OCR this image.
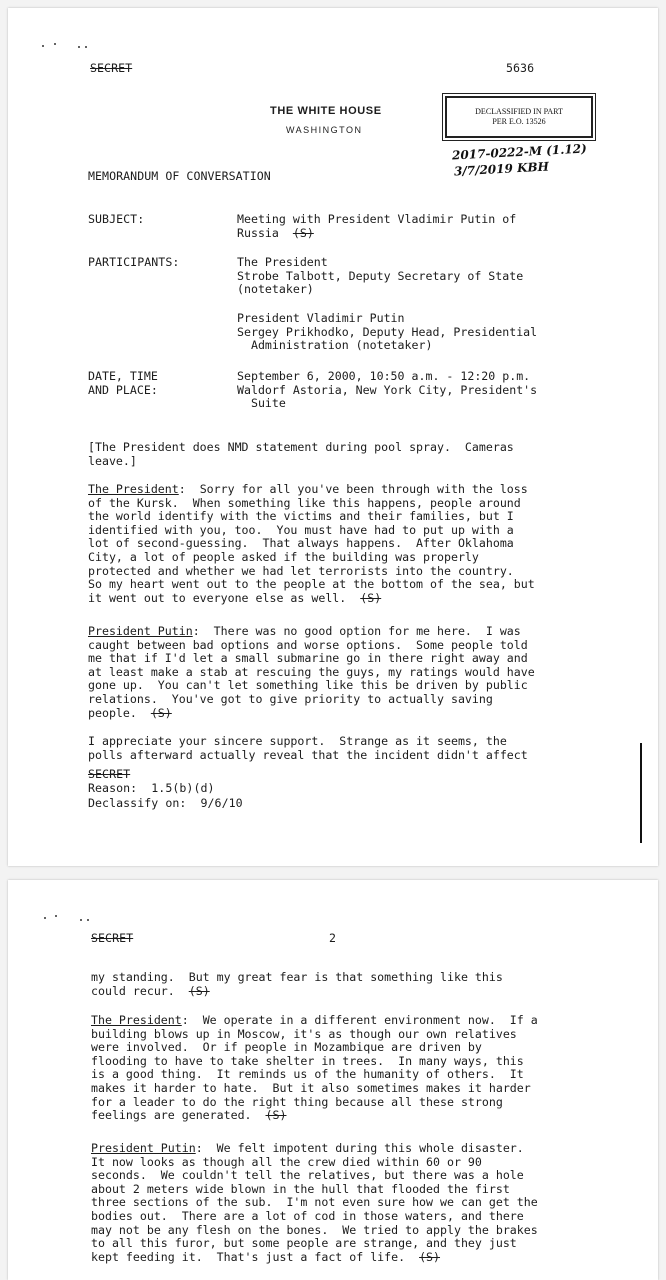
SECRET	5636
THE WHITE HOUSE
WASHINGTON
DECLASSIFIED IN PART
PER E.O. 13526
2017-0222-M (1.12)
3/7/2019 KBH
MEMORANDUM OF CONVERSATION
SUBJECT:	Meeting with President Vladimir Putin of
Russia (S)
PARTICIPANTS:	The President
Strobe Talbott, Deputy Secretary of State
(notetaker)
President Vladimir Putin
Sergey Prikhodko, Deputy Head, Presidential
Administration (notetaker)
DATE, TIME
AND PLACE:
September 6, 2000, 10:50 a.m. - 12:20 p.m.
Waldorf Astoria, New York City, President's
Suite
[The President does NMD statement during pool spray.  Cameras
leave.]
The President:  Sorry for all you've been through with the loss
of the Kursk.  When something like this happens, people around
the world identify with the victims and their families, but I
identified with you, too.  You must have had to put up with a
lot of second-guessing.  That always happens.  After Oklahoma
City, a lot of people asked if the building was properly
protected and whether we had let terrorists into the country.
So my heart went out to the people at the bottom of the sea, but
it went out to everyone else as well.  (S)
President Putin:  There was no good option for me here.  I was
caught between bad options and worse options.  Some people told
me that if I'd let a small submarine go in there right away and
at least make a stab at rescuing the guys, my ratings would have
gone up.  You can't let something like this be driven by public
relations.  You've got to give priority to actually saving
people.  (S)
I appreciate your sincere support.  Strange as it seems, the
polls afterward actually reveal that the incident didn't affect
SECRET
Reason:  1.5(b)(d)
Declassify on:  9/6/10
SECRET	2
my standing.  But my great fear is that something like this
could recur.  (S)
The President:  We operate in a different environment now.  If a
building blows up in Moscow, it's as though our own relatives
were involved.  Or if people in Mozambique are driven by
flooding to have to take shelter in trees.  In many ways, this
is a good thing.  It reminds us of the humanity of others.  It
makes it harder to hate.  But it also sometimes makes it harder
for a leader to do the right thing because all these strong
feelings are generated.  (S)
President Putin:  We felt impotent during this whole disaster.
It now looks as though all the crew died within 60 or 90
seconds.  We couldn't tell the relatives, but there was a hole
about 2 meters wide blown in the hull that flooded the first
three sections of the sub.  I'm not even sure how we can get the
bodies out.  There are a lot of cod in those waters, and there
may not be any flesh on the bones.  We tried to apply the brakes
to all this furor, but some people are strange, and they just
kept feeding it.  That's just a fact of life.  (S)
